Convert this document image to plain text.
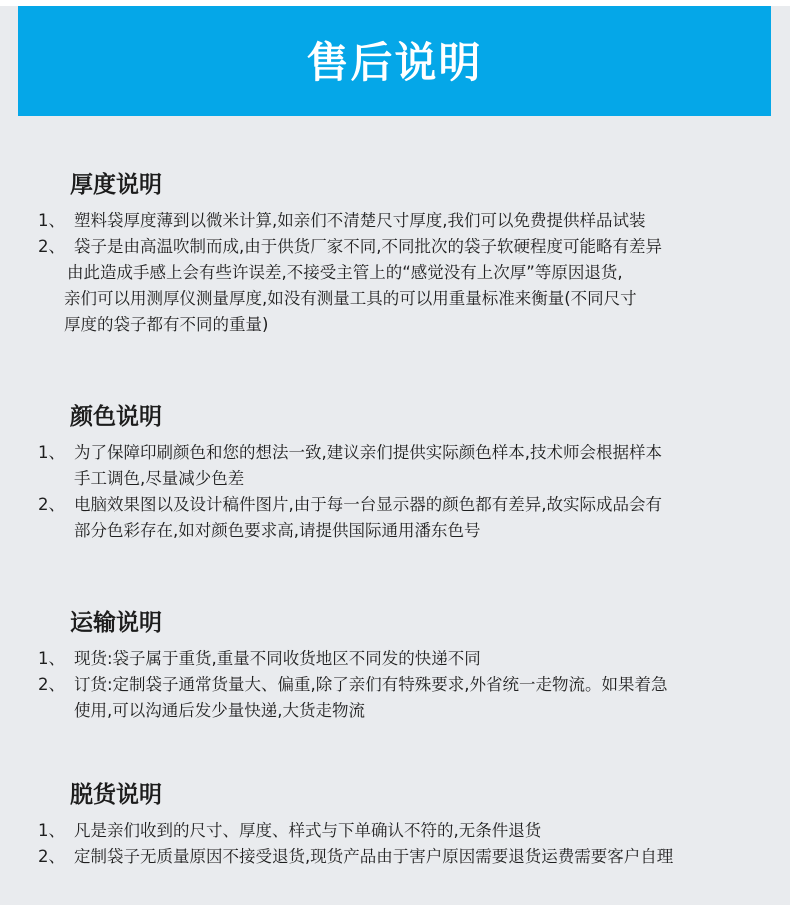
售后说明
厚度说明
1、 塑料袋厚度薄到以微米计算,如亲们不清楚尺寸厚度,我们可以免费提供样品试装
2、 袋子是由高温吹制而成,由于供货厂家不同,不同批次的袋子软硬程度可能略有差异
由此造成手感上会有些许误差,不接受主管上的“感觉没有上次厚”等原因退货,
亲们可以用测厚仪测量厚度,如没有测量工具的可以用重量标准来衡量(不同尺寸
厚度的袋子都有不同的重量)
颜色说明
1、 为了保障印刷颜色和您的想法一致,建议亲们提供实际颜色样本,技术师会根据样本
手工调色,尽量减少色差
2、 电脑效果图以及设计稿件图片,由于每一台显示器的颜色都有差异,故实际成品会有
部分色彩存在,如对颜色要求高,请提供国际通用潘东色号
运输说明
1、 现货:袋子属于重货,重量不同收货地区不同发的快递不同
2、 订货:定制袋子通常货量大、偏重,除了亲们有特殊要求,外省统一走物流。如果着急
使用,可以沟通后发少量快递,大货走物流
脱货说明
1、 凡是亲们收到的尺寸、厚度、样式与下单确认不符的,无条件退货
2、 定制袋子无质量原因不接受退货,现货产品由于害户原因需要退货运费需要客户自理
